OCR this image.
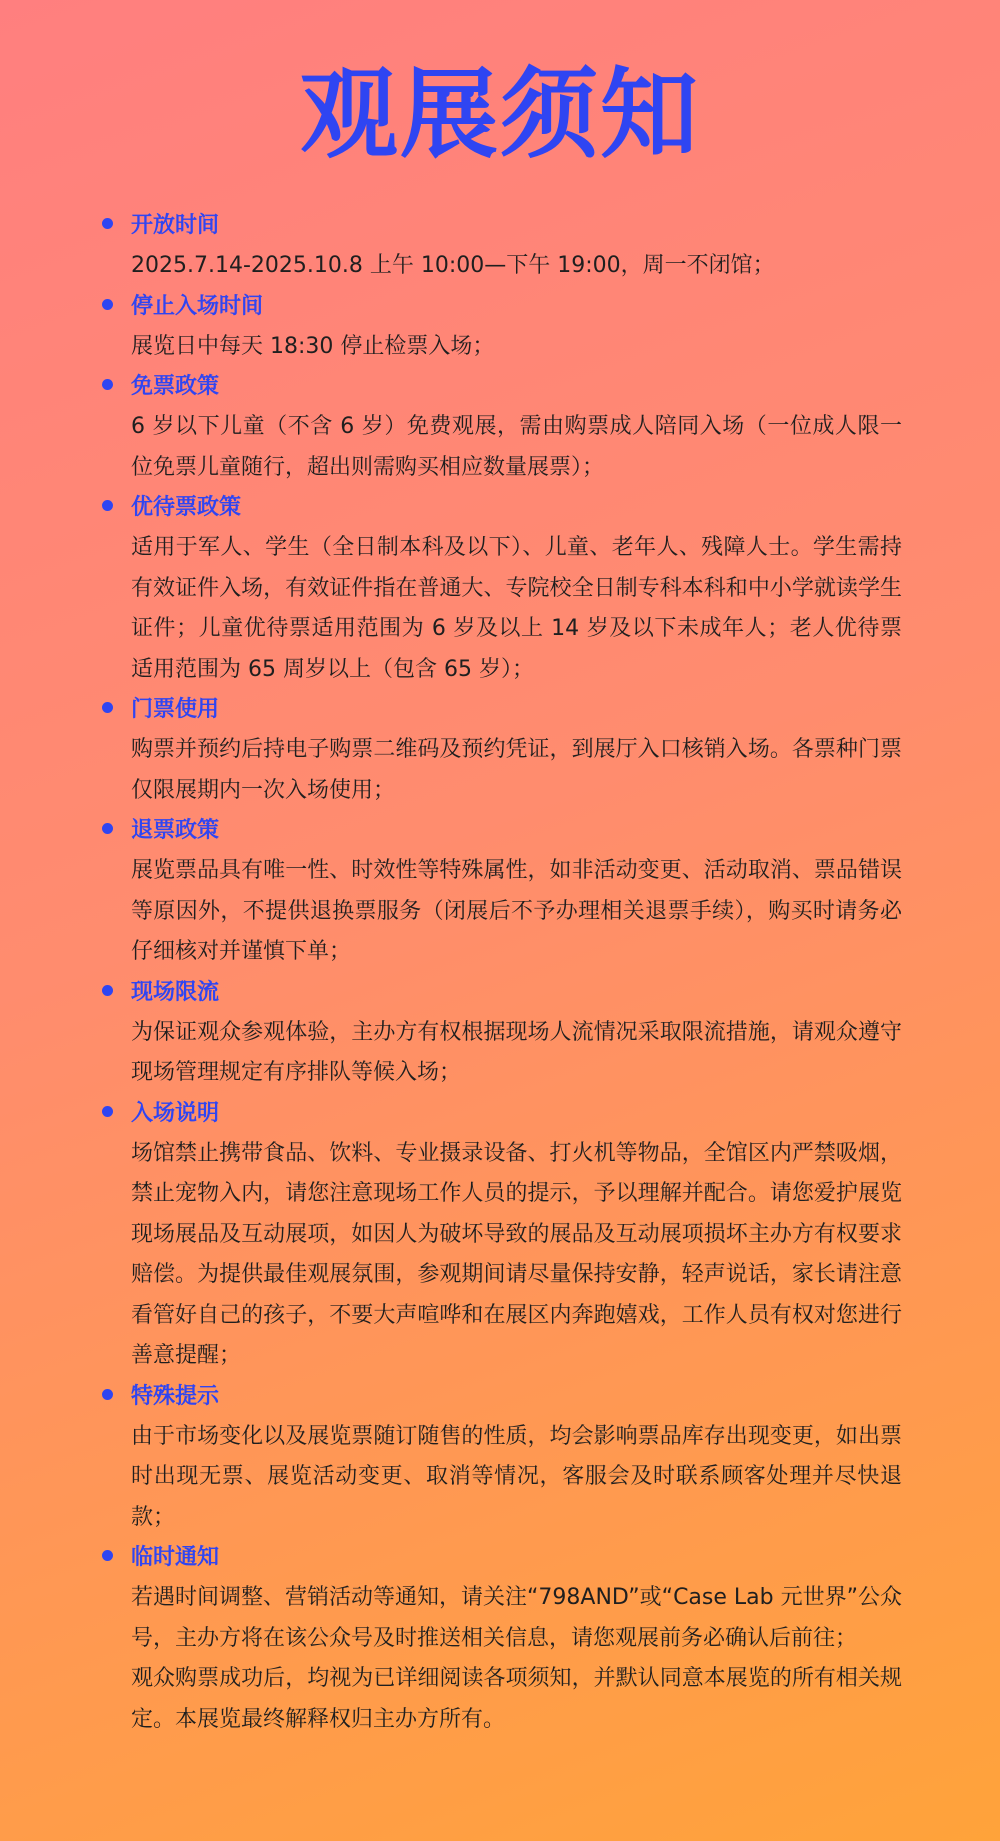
观展须知
开放时间
2025.7.14-2025.10.8 上午 10:00—下午 19:00，周一不闭馆；
停止入场时间
展览日中每天 18:30 停止检票入场；
免票政策
6 岁以下儿童（不含 6 岁）免费观展，需由购票成人陪同入场（一位成人限一位免票儿童随行，超出则需购买相应数量展票）；
优待票政策
适用于军人、学生（全日制本科及以下）、儿童、老年人、残障人士。学生需持有效证件入场，有效证件指在普通大、专院校全日制专科本科和中小学就读学生证件；儿童优待票适用范围为 6 岁及以上 14 岁及以下未成年人；老人优待票适用范围为 65 周岁以上（包含 65 岁）；
门票使用
购票并预约后持电子购票二维码及预约凭证，到展厅入口核销入场。各票种门票仅限展期内一次入场使用；
退票政策
展览票品具有唯一性、时效性等特殊属性，如非活动变更、活动取消、票品错误等原因外，不提供退换票服务（闭展后不予办理相关退票手续），购买时请务必仔细核对并谨慎下单；
现场限流
为保证观众参观体验，主办方有权根据现场人流情况采取限流措施，请观众遵守现场管理规定有序排队等候入场；
入场说明
场馆禁止携带食品、饮料、专业摄录设备、打火机等物品，全馆区内严禁吸烟，禁止宠物入内，请您注意现场工作人员的提示，予以理解并配合。请您爱护展览现场展品及互动展项，如因人为破坏导致的展品及互动展项损坏主办方有权要求赔偿。为提供最佳观展氛围，参观期间请尽量保持安静，轻声说话，家长请注意看管好自己的孩子，不要大声喧哗和在展区内奔跑嬉戏，工作人员有权对您进行善意提醒；
特殊提示
由于市场变化以及展览票随订随售的性质，均会影响票品库存出现变更，如出票时出现无票、展览活动变更、取消等情况，客服会及时联系顾客处理并尽快退款；
临时通知
若遇时间调整、营销活动等通知，请关注“798AND”或“Case Lab 元世界”公众号，主办方将在该公众号及时推送相关信息，请您观展前务必确认后前往；
观众购票成功后，均视为已详细阅读各项须知，并默认同意本展览的所有相关规定。本展览最终解释权归主办方所有。
